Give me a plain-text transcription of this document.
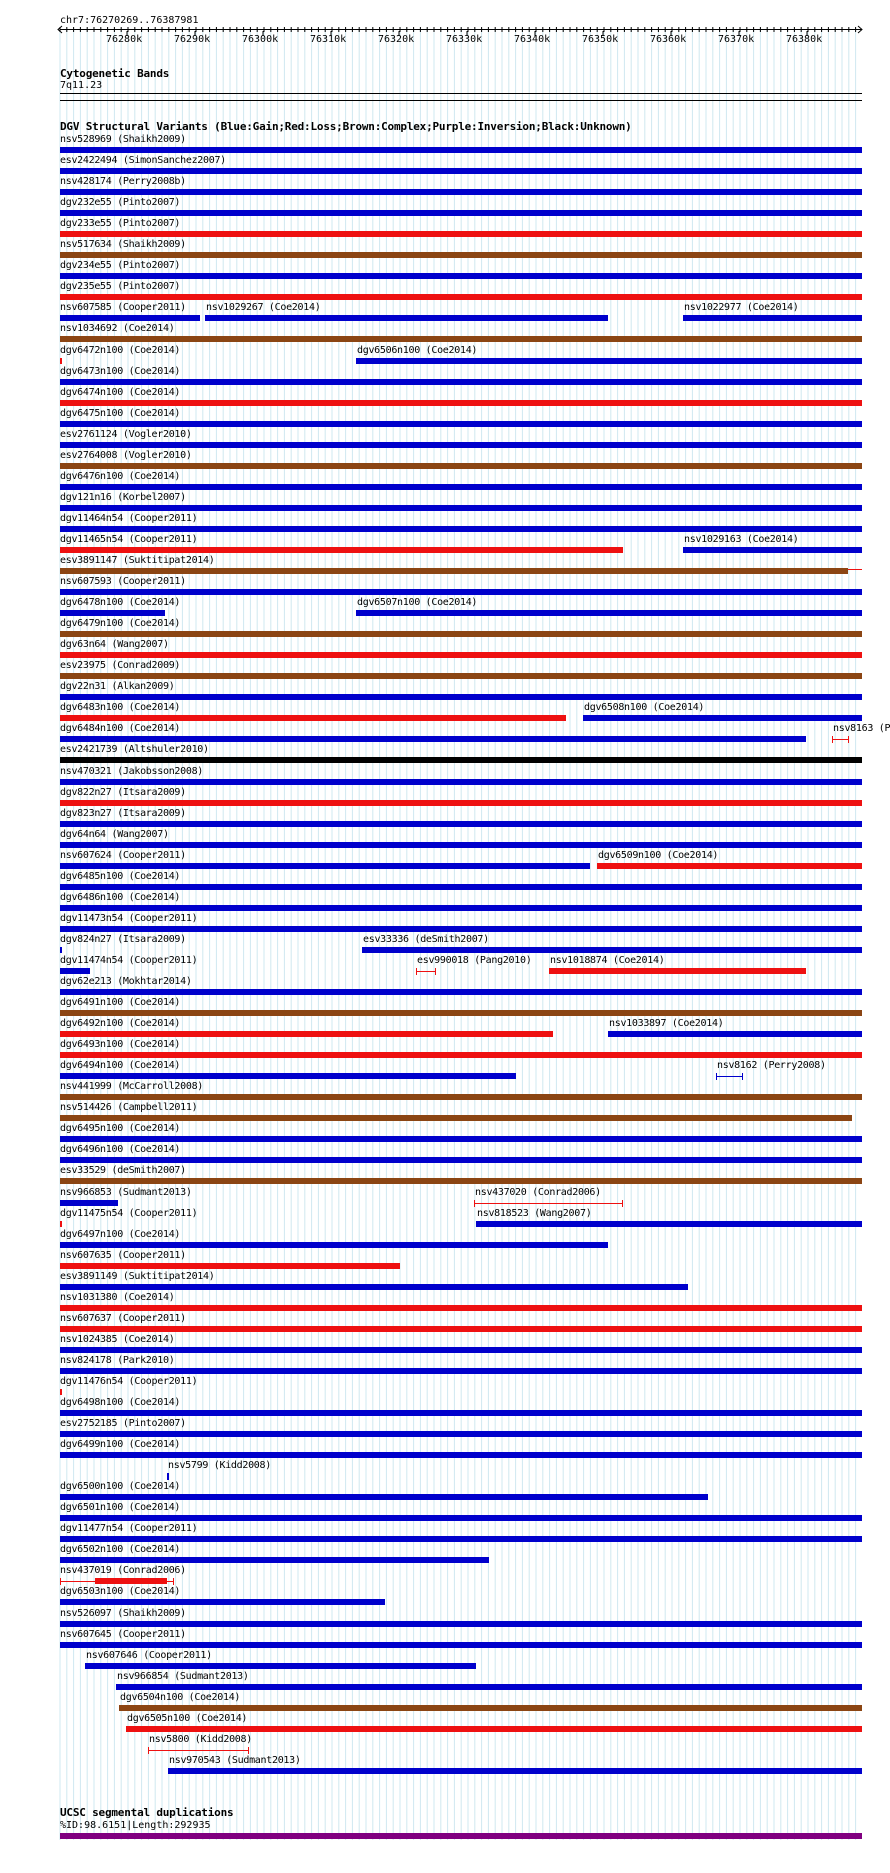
chr7:76270269..76387981
Cytogenetic Bands
7q11.23
DGV Structural Variants (Blue:Gain;Red:Loss;Brown:Complex;Purple:Inversion;Black:Unknown)
nsv528969 (Shaikh2009)
esv2422494 (SimonSanchez2007)
nsv428174 (Perry2008b)
dgv232e55 (Pinto2007)
dgv233e55 (Pinto2007)
nsv517634 (Shaikh2009)
dgv234e55 (Pinto2007)
dgv235e55 (Pinto2007)
nsv607585 (Cooper2011) nsv1029267 (Coe2014)	nsv1022977 (Coe2014)
nsv1034692 (Coe2014)
dgv6472n100 (Coe2014)	dgv6506n100 (Coe2014)
dgv6473n100 (Coe2014)
dgv6474n100 (Coe2014)
dgv6475n100 (Coe2014)
esv2761124 (Vogler2010)
esv2764008 (Vogler2010)
dgv6476n100 (Coe2014)
dgv121n16 (Korbel2007)
dgv11464n54 (Cooper2011)
dgv11465n54 (Cooper2011)	nsv1029163 (Coe2014)
esv3891147 (Suktitipat2014)
nsv607593 (Cooper2011)
dgv6478n100 (Coe2014)	dgv6507n100 (Coe2014)
dgv6479n100 (Coe2014)
dgv63n64 (Wang2007)
esv23975 (Conrad2009)
dgv22n31 (Alkan2009)
dgv6483n100 (Coe2014)	dgv6508n100 (Coe2014)
dgv6484n100 (Coe2014)	nsv8163 (P
esv2421739 (Altshuler2010)
nsv470321 (Jakobsson2008)
dgv822n27 (Itsara2009)
dgv823n27 (Itsara2009)
dgv64n64 (Wang2007)
nsv607624 (Cooper2011)	dgv6509n100 (Coe2014)
dgv6485n100 (Coe2014)
dgv6486n100 (Coe2014)
dgv11473n54 (Cooper2011)
dgv824n27 (Itsara2009)	esv33336 (deSmith2007)
dgv11474n54 (Cooper2011)	esv990018 (Pang2010) nsv1018874 (Coe2014)
dgv62e213 (Mokhtar2014)
dgv6491n100 (Coe2014)
dgv6492n100 (Coe2014)	nsv1033897 (Coe2014)
dgv6493n100 (Coe2014)
dgv6494n100 (Coe2014)	nsv8162 (Perry2008)
nsv441999 (McCarroll2008)
nsv514426 (Campbell2011)
dgv6495n100 (Coe2014)
dgv6496n100 (Coe2014)
esv33529 (deSmith2007)
nsv966853 (Sudmant2013)	nsv437020 (Conrad2006)
dgv11475n54 (Cooper2011)	nsv818523 (Wang2007)
dgv6497n100 (Coe2014)
nsv607635 (Cooper2011)
esv3891149 (Suktitipat2014)
nsv1031380 (Coe2014)
nsv607637 (Cooper2011)
nsv1024385 (Coe2014)
nsv824178 (Park2010)
dgv11476n54 (Cooper2011)
dgv6498n100 (Coe2014)
esv2752185 (Pinto2007)
dgv6499n100 (Coe2014)
nsv5799 (Kidd2008)
dgv6500n100 (Coe2014)
dgv6501n100 (Coe2014)
dgv11477n54 (Cooper2011)
dgv6502n100 (Coe2014)
nsv437019 (Conrad2006)
dgv6503n100 (Coe2014)
nsv526097 (Shaikh2009)
nsv607645 (Cooper2011)
nsv607646 (Cooper2011)
nsv966854 (Sudmant2013)
dgv6504n100 (Coe2014)
dgv6505n100 (Coe2014)
nsv5800 (Kidd2008)
nsv970543 (Sudmant2013)
UCSC segmental duplications
%ID:98.6151|Length:292935
76280k	76290k	76300k	76310k	76320k	76330k	76340k	76350k	76360k	76370k	76380k
